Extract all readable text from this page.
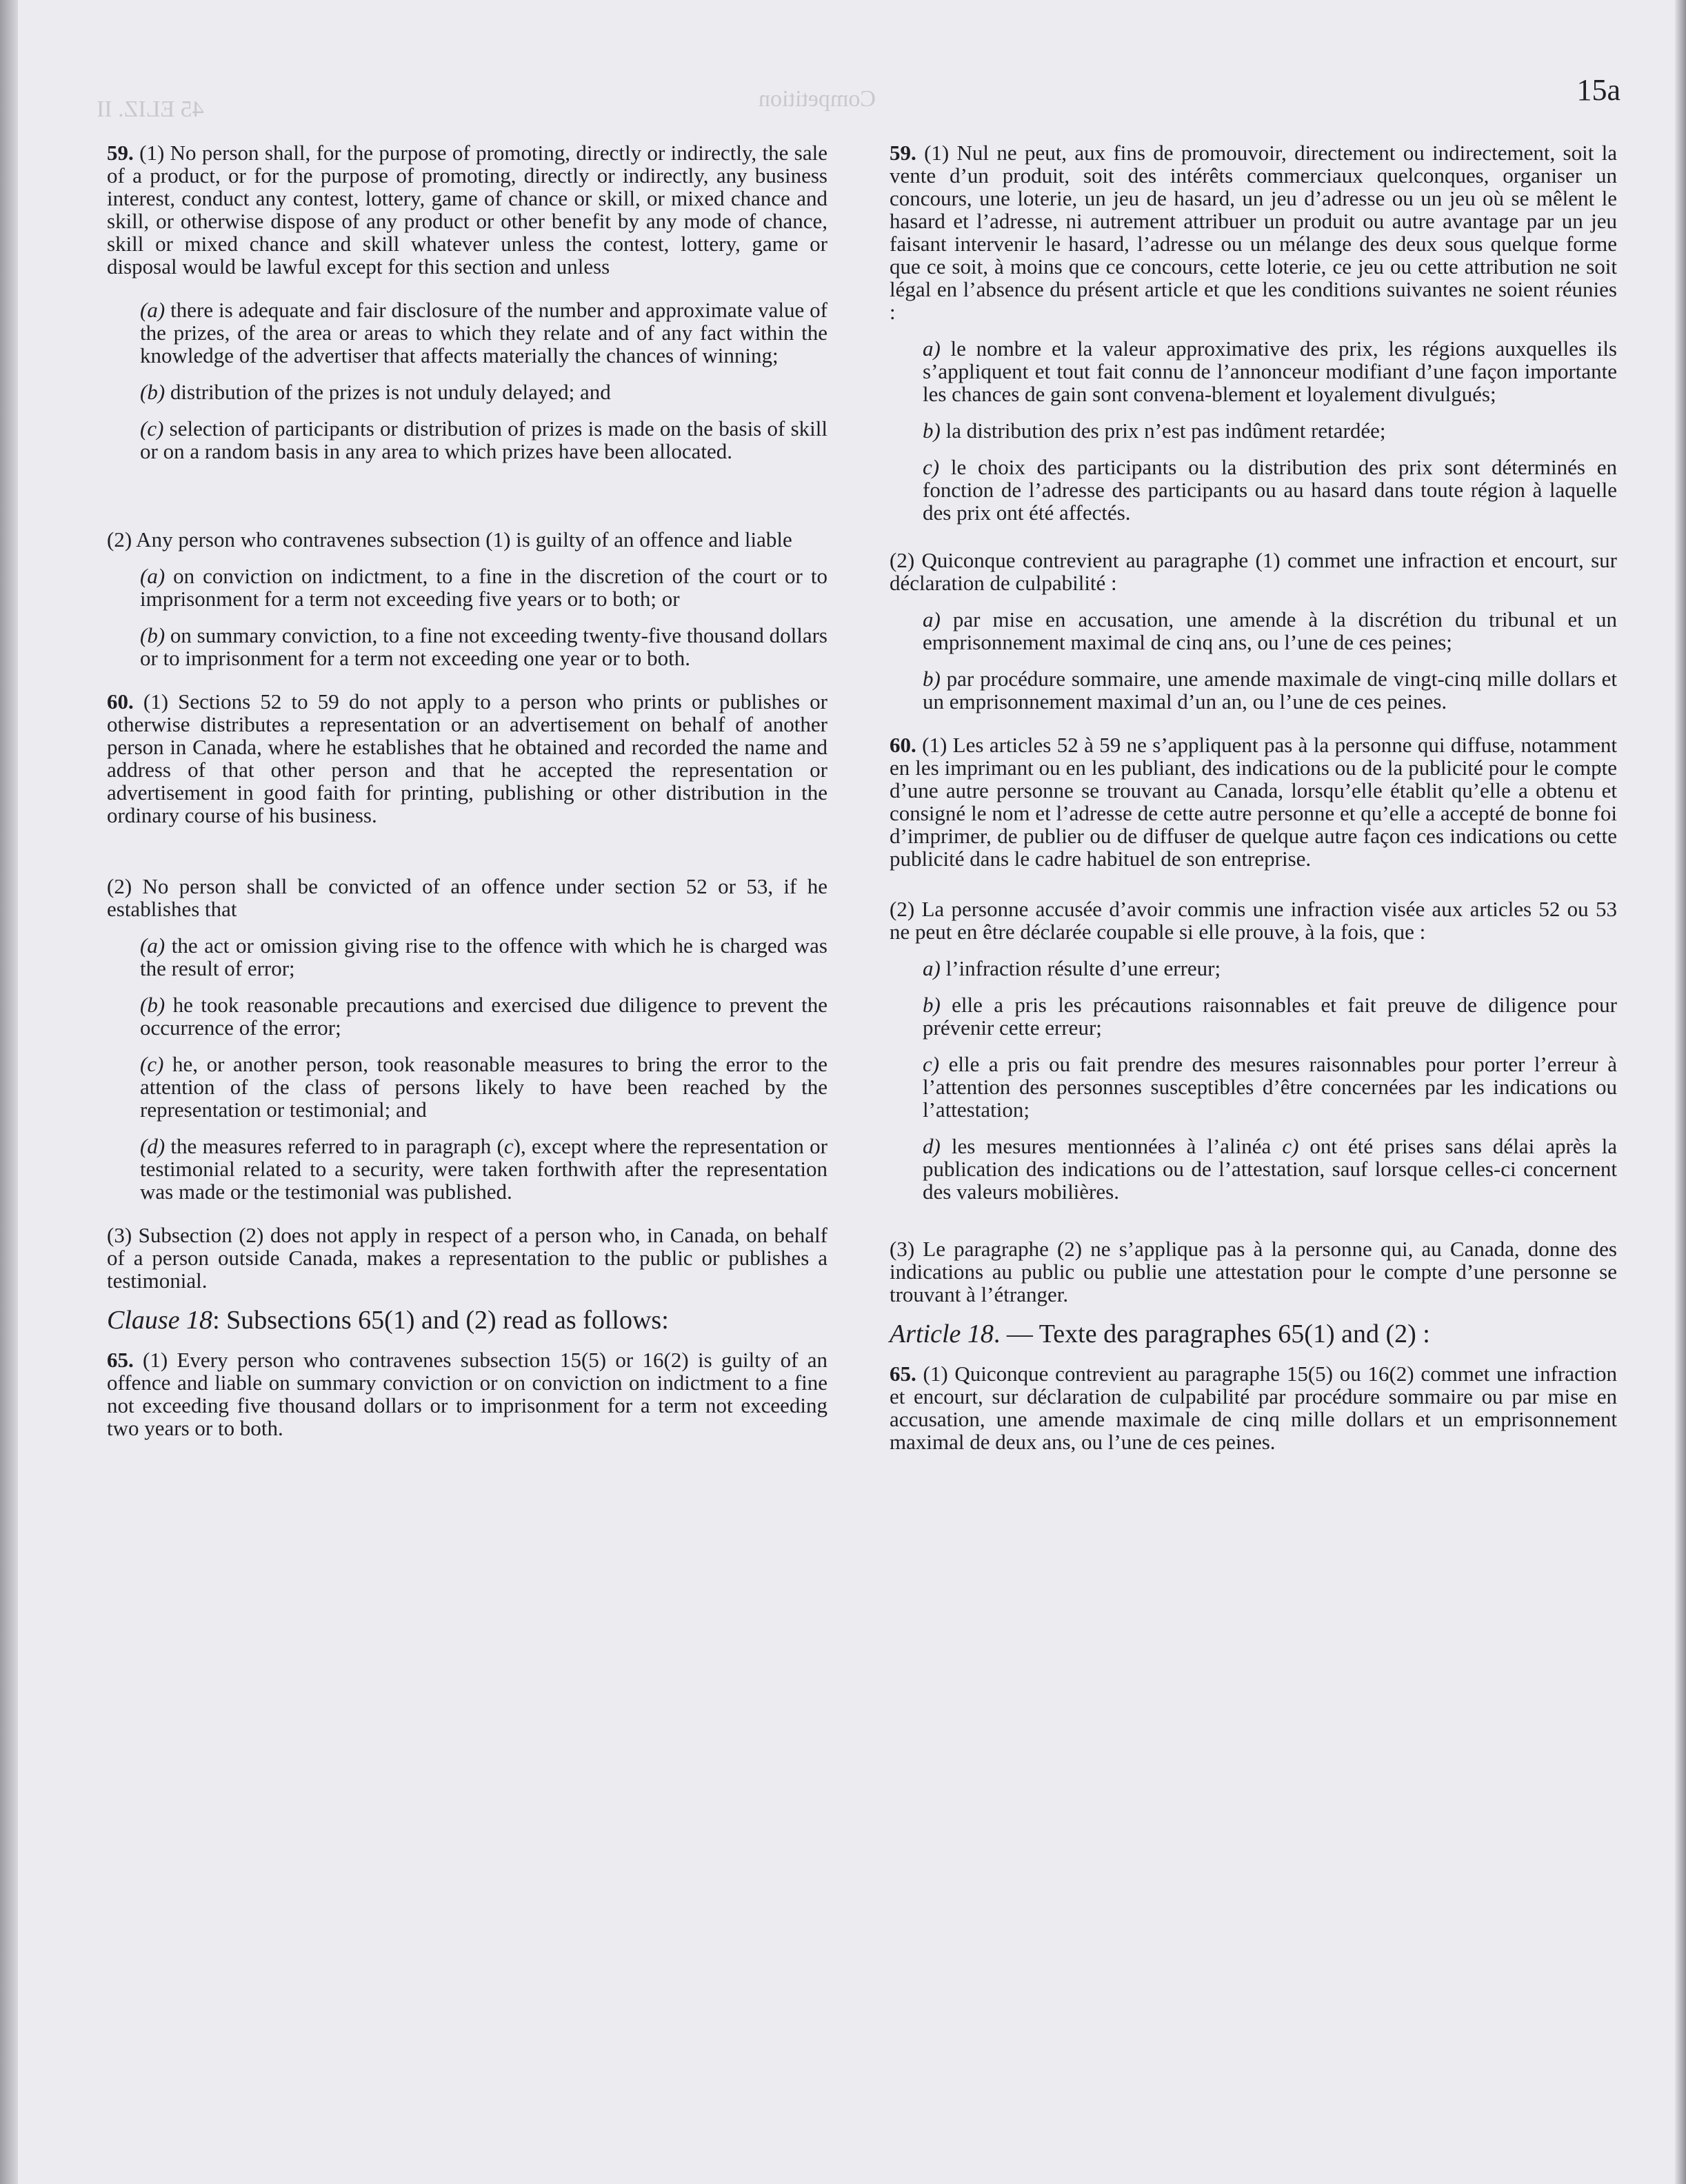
Competition
45 ELIZ. II
15a

59. (1) No person shall, for the purpose of promoting, directly or indirectly, the sale of a product, or for the purpose of promoting, directly or indirectly, any business interest, conduct any contest, lottery, game of chance or skill, or mixed chance and skill, or otherwise dispose of any product or other benefit by any mode of chance, skill or mixed chance and skill whatever unless the contest, lottery, game or disposal would be lawful except for this section and unless

(a) there is adequate and fair disclosure of the number and approximate value of the prizes, of the area or areas to which they relate and of any fact within the knowledge of the advertiser that affects materially the chances of winning;

(b) distribution of the prizes is not unduly delayed; and

(c) selection of participants or distribution of prizes is made on the basis of skill or on a random basis in any area to which prizes have been allocated.

(2) Any person who contravenes subsection (1) is guilty of an offence and liable

(a) on conviction on indictment, to a fine in the discretion of the court or to imprisonment for a term not exceeding five years or to both; or

(b) on summary conviction, to a fine not exceeding twenty-five thousand dollars or to imprisonment for a term not exceeding one year or to both.

60. (1) Sections 52 to 59 do not apply to a person who prints or publishes or otherwise distributes a representation or an advertisement on behalf of another person in Canada, where he establishes that he obtained and recorded the name and address of that other person and that he accepted the representation or advertisement in good faith for printing, publishing or other distribution in the ordinary course of his business.

(2) No person shall be convicted of an offence under section 52 or 53, if he establishes that

(a) the act or omission giving rise to the offence with which he is charged was the result of error;

(b) he took reasonable precautions and exercised due diligence to prevent the occurrence of the error;

(c) he, or another person, took reasonable measures to bring the error to the attention of the class of persons likely to have been reached by the representation or testimonial; and

(d) the measures referred to in paragraph (c), except where the representation or testimonial related to a security, were taken forthwith after the representation was made or the testimonial was published.

(3) Subsection (2) does not apply in respect of a person who, in Canada, on behalf of a person outside Canada, makes a representation to the public or publishes a testimonial.

Clause 18: Subsections 65(1) and (2) read as follows:

65. (1) Every person who contravenes subsection 15(5) or 16(2) is guilty of an offence and liable on summary conviction or on conviction on indictment to a fine not exceeding five thousand dollars or to imprisonment for a term not exceeding two years or to both.

59. (1) Nul ne peut, aux fins de promouvoir, directement ou indirectement, soit la vente d’un produit, soit des intérêts commerciaux quelconques, organiser un concours, une loterie, un jeu de hasard, un jeu d’adresse ou un jeu où se mêlent le hasard et l’adresse, ni autrement attribuer un produit ou autre avantage par un jeu faisant intervenir le hasard, l’adresse ou un mélange des deux sous quelque forme que ce soit, à moins que ce concours, cette loterie, ce jeu ou cette attribution ne soit légal en l’absence du présent article et que les conditions suivantes ne soient réunies :

a) le nombre et la valeur approximative des prix, les régions auxquelles ils s’appliquent et tout fait connu de l’annonceur modifiant d’une façon importante les chances de gain sont convena-blement et loyalement divulgués;

b) la distribution des prix n’est pas indûment retardée;

c) le choix des participants ou la distribution des prix sont déterminés en fonction de l’adresse des participants ou au hasard dans toute région à laquelle des prix ont été affectés.

(2) Quiconque contrevient au paragraphe (1) commet une infraction et encourt, sur déclaration de culpabilité :

a) par mise en accusation, une amende à la discrétion du tribunal et un emprisonnement maximal de cinq ans, ou l’une de ces peines;

b) par procédure sommaire, une amende maximale de vingt-cinq mille dollars et un emprisonnement maximal d’un an, ou l’une de ces peines.

60. (1) Les articles 52 à 59 ne s’appliquent pas à la personne qui diffuse, notamment en les imprimant ou en les publiant, des indications ou de la publicité pour le compte d’une autre personne se trouvant au Canada, lorsqu’elle établit qu’elle a obtenu et consigné le nom et l’adresse de cette autre personne et qu’elle a accepté de bonne foi d’imprimer, de publier ou de diffuser de quelque autre façon ces indications ou cette publicité dans le cadre habituel de son entreprise.

(2) La personne accusée d’avoir commis une infraction visée aux articles 52 ou 53 ne peut en être déclarée coupable si elle prouve, à la fois, que :

a) l’infraction résulte d’une erreur;

b) elle a pris les précautions raisonnables et fait preuve de diligence pour prévenir cette erreur;

c) elle a pris ou fait prendre des mesures raisonnables pour porter l’erreur à l’attention des personnes susceptibles d’être concernées par les indications ou l’attestation;

d) les mesures mentionnées à l’alinéa c) ont été prises sans délai après la publication des indications ou de l’attestation, sauf lorsque celles-ci concernent des valeurs mobilières.

(3) Le paragraphe (2) ne s’applique pas à la personne qui, au Canada, donne des indications au public ou publie une attestation pour le compte d’une personne se trouvant à l’étranger.

Article 18. — Texte des paragraphes 65(1) and (2) :

65. (1) Quiconque contrevient au paragraphe 15(5) ou 16(2) commet une infraction et encourt, sur déclaration de culpabilité par procédure sommaire ou par mise en accusation, une amende maximale de cinq mille dollars et un emprisonnement maximal de deux ans, ou l’une de ces peines.
